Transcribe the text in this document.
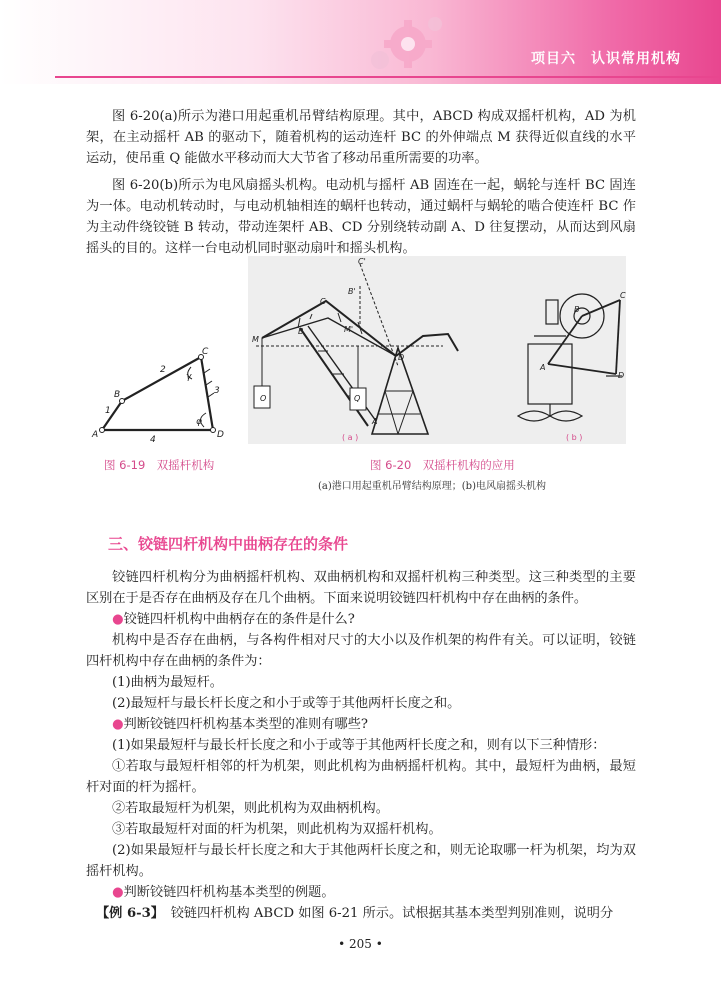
项目六　认识常用机构

图 6-20(a)所示为港口用起重机吊臂结构原理。其中，ABCD 构成双摇杆机构，AD 为机架，在主动摇杆 AB 的驱动下，随着机构的运动连杆 BC 的外伸端点 M 获得近似直线的水平运动，使吊重 Q 能做水平移动而大大节省了移动吊重所需要的功率。

图 6-20(b)所示为电风扇摇头机构。电动机与摇杆 AB 固连在一起，蜗轮与连杆 BC 固连为一体。电动机转动时，与电动机轴相连的蜗杆也转动，通过蜗杆与蜗轮的啮合使连杆 BC 作为主动件绕铰链 B 转动，带动连架杆 AB、CD 分别绕转动副 A、D 往复摆动，从而达到风扇摇头的目的。这样一台电动机同时驱动扇叶和摇头机构。

A
B
C
D
1
2
3
4
γ
φ
图 6-19　双摇杆机构
C'
B'
C
B
M
M'
D
A
O	Q
( a )
B
C
A
D
( b )
图 6-20　双摇杆机构的应用
(a)港口用起重机吊臂结构原理；(b)电风扇摇头机构
三、铰链四杆机构中曲柄存在的条件

铰链四杆机构分为曲柄摇杆机构、双曲柄机构和双摇杆机构三种类型。这三种类型的主要区别在于是否存在曲柄及存在几个曲柄。下面来说明铰链四杆机构中存在曲柄的条件。

●铰链四杆机构中曲柄存在的条件是什么?

机构中是否存在曲柄，与各构件相对尺寸的大小以及作机架的构件有关。可以证明，铰链四杆机构中存在曲柄的条件为：

(1)曲柄为最短杆。

(2)最短杆与最长杆长度之和小于或等于其他两杆长度之和。

●判断铰链四杆机构基本类型的准则有哪些?

(1)如果最短杆与最长杆长度之和小于或等于其他两杆长度之和，则有以下三种情形：

①若取与最短杆相邻的杆为机架，则此机构为曲柄摇杆机构。其中，最短杆为曲柄，最短杆对面的杆为摇杆。

②若取最短杆为机架，则此机构为双曲柄机构。

③若取最短杆对面的杆为机架，则此机构为双摇杆机构。

(2)如果最短杆与最长杆长度之和大于其他两杆长度之和，则无论取哪一杆为机架，均为双摇杆机构。

●判断铰链四杆机构基本类型的例题。

【例 6-3】　 铰链四杆机构 ABCD 如图 6-21 所示。试根据其基本类型判别准则，说明分

• 205 •
